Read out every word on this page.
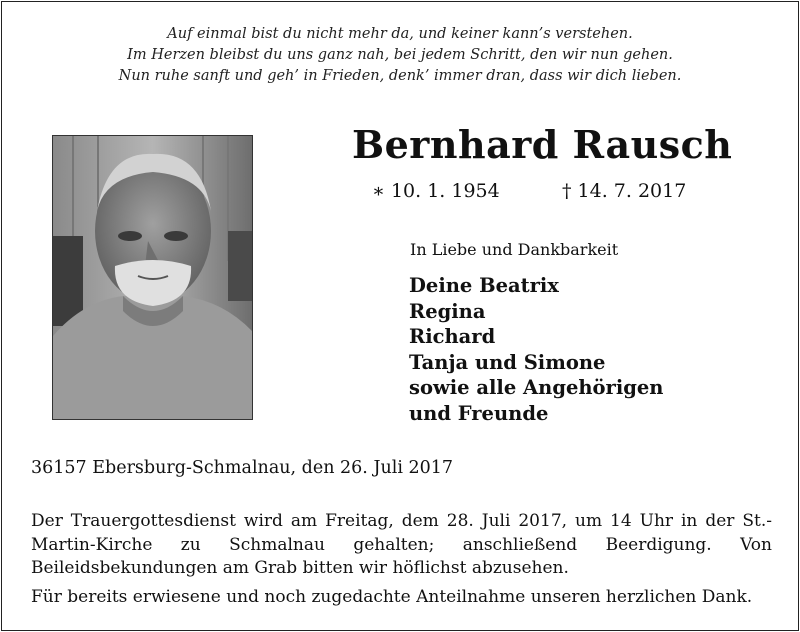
Auf einmal bist du nicht mehr da, und keiner kann’s verstehen.
Im Herzen bleibst du uns ganz nah, bei jedem Schritt, den wir nun gehen.
Nun ruhe sanft und geh’ in Frieden, denk’ immer dran, dass wir dich lieben.
Bernhard Rausch
∗ 10. 1. 1954	† 14. 7. 2017
In Liebe und Dankbarkeit
Deine Beatrix
Regina
Richard
Tanja und Simone
sowie alle Angehörigen
und Freunde
36157 Ebersburg-Schmalnau, den 26. Juli 2017
Der Trauergottesdienst wird am Freitag, dem 28. Juli 2017, um 14 Uhr in der St.-Martin-Kirche zu Schmalnau gehalten; anschließend Beerdigung. Von Beileidsbekundungen am Grab bitten wir höflichst abzusehen.
Für bereits erwiesene und noch zugedachte Anteilnahme unseren herzlichen Dank.
